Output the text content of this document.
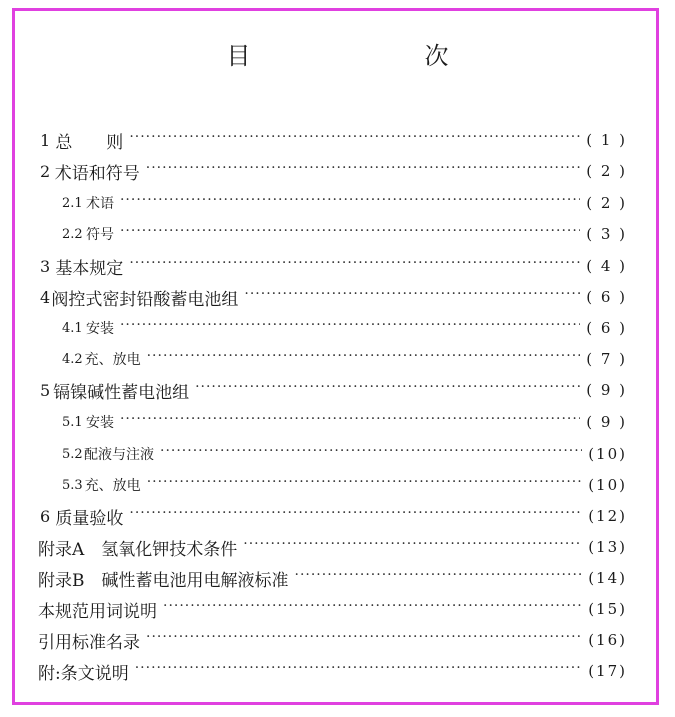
目　　次
1 总　　则 ·····	( 1 )
2 术语和符号 ·····	( 2 )
2.1 术语 ·····	( 2 )
2.2 符号 ·····	( 3 )
3 基本规定 ·····	( 4 )
4 阀控式密封铅酸蓄电池组 ·····	( 6 )
4.1 安装 ·····	( 6 )
4.2 充、放电 ·····	( 7 )
5 镉镍碱性蓄电池组 ·····	( 9 )
5.1 安装 ·····	( 9 )
5.2 配液与注液 ·····	(10)
5.3 充、放电 ·····	(10)
6 质量验收 ·····	(12)
附录A　氢氧化钾技术条件 ·····	(13)
附录B　碱性蓄电池用电解液标准 ·····	(14)
本规范用词说明 ·····	(15)
引用标准名录 ·····	(16)
附:条文说明 ·····	(17)
